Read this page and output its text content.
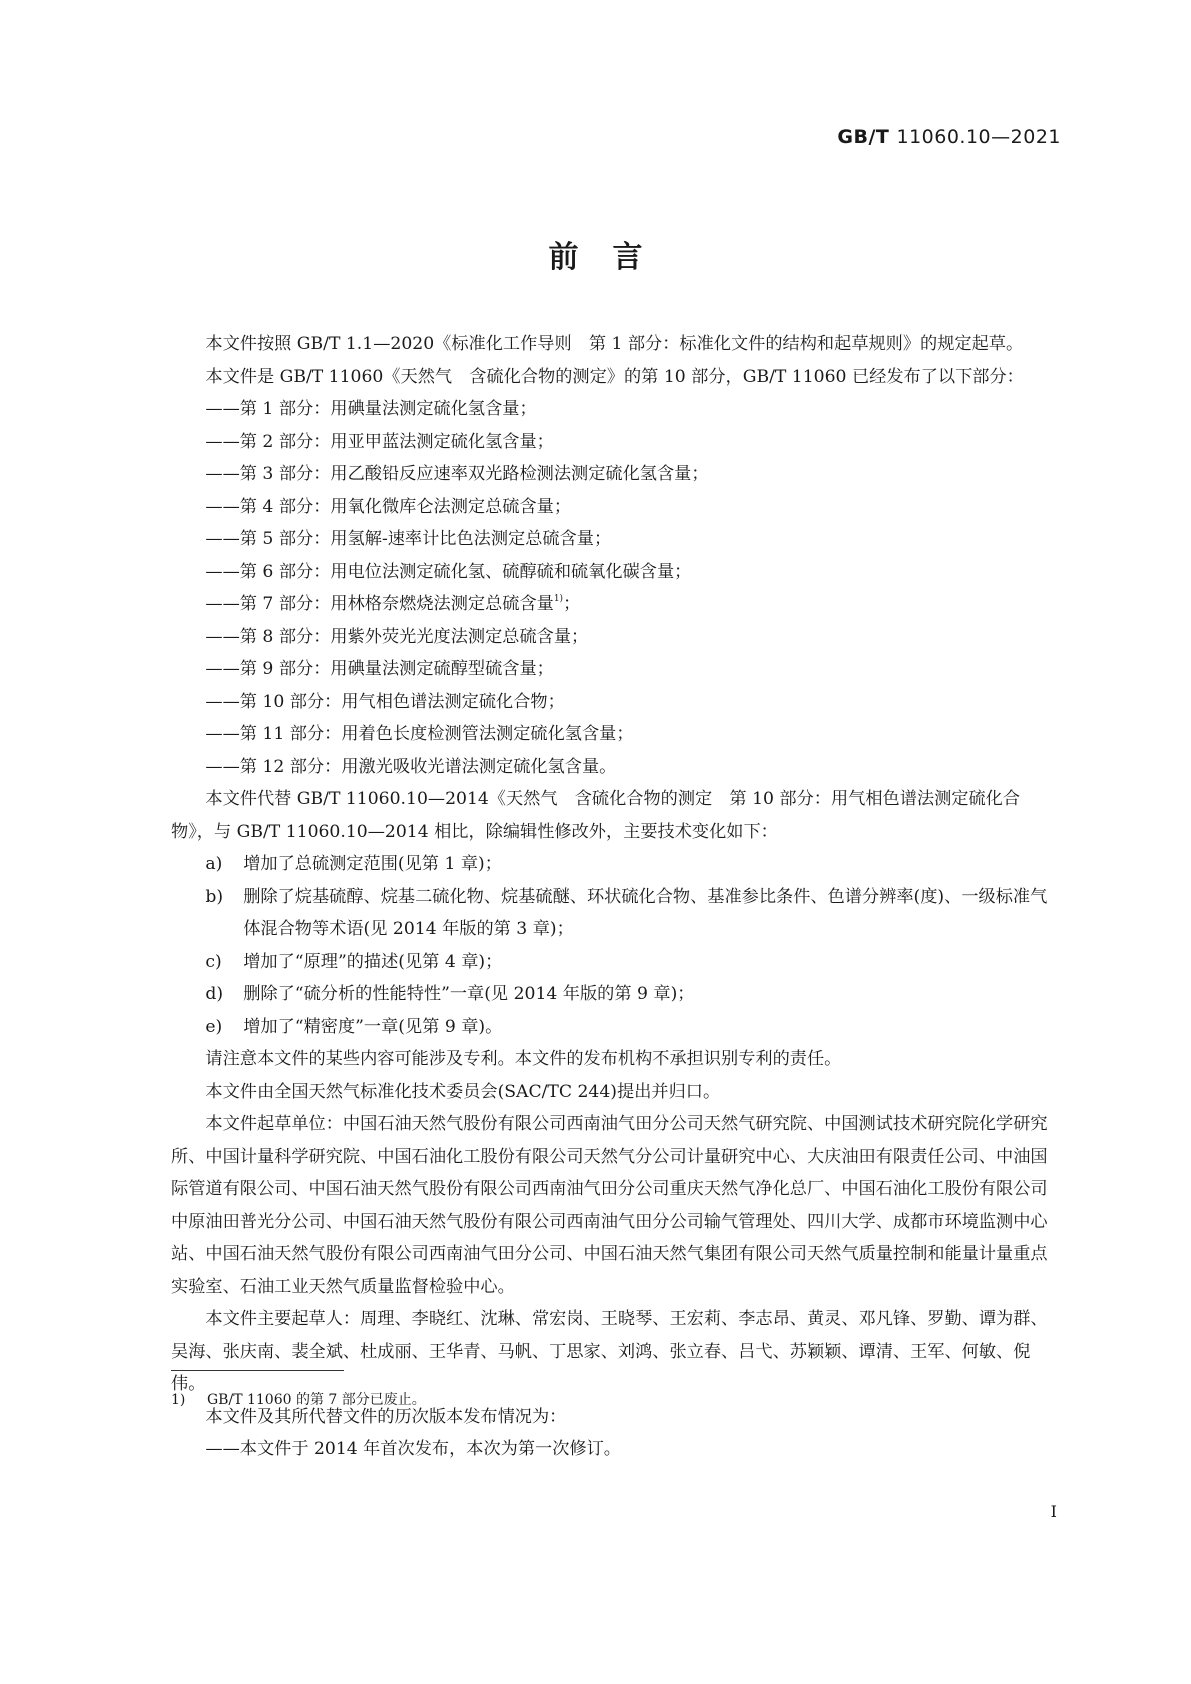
GB/T 11060.10—2021
前言

本文件按照 GB/T 1.1—2020《标准化工作导则　第 1 部分：标准化文件的结构和起草规则》的规定起草。

本文件是 GB/T 11060《天然气　含硫化合物的测定》的第 10 部分，GB/T 11060 已经发布了以下部分：

——第 1 部分：用碘量法测定硫化氢含量；

——第 2 部分：用亚甲蓝法测定硫化氢含量；

——第 3 部分：用乙酸铅反应速率双光路检测法测定硫化氢含量；

——第 4 部分：用氧化微库仑法测定总硫含量；

——第 5 部分：用氢解-速率计比色法测定总硫含量；

——第 6 部分：用电位法测定硫化氢、硫醇硫和硫氧化碳含量；

——第 7 部分：用林格奈燃烧法测定总硫含量$^{1)}$；

——第 8 部分：用紫外荧光光度法测定总硫含量；

——第 9 部分：用碘量法测定硫醇型硫含量；

——第 10 部分：用气相色谱法测定硫化合物；

——第 11 部分：用着色长度检测管法测定硫化氢含量；

——第 12 部分：用激光吸收光谱法测定硫化氢含量。

本文件代替 GB/T 11060.10—2014《天然气　含硫化合物的测定　第 10 部分：用气相色谱法测定硫化合物》，与 GB/T 11060.10—2014 相比，除编辑性修改外，主要技术变化如下：

a)	增加了总硫测定范围(见第 1 章)；
b)	删除了烷基硫醇、烷基二硫化物、烷基硫醚、环状硫化合物、基准参比条件、色谱分辨率(度)、一级标准气体混合物等术语(见 2014 年版的第 3 章)；
c)	增加了“原理”的描述(见第 4 章)；
d)	删除了“硫分析的性能特性”一章(见 2014 年版的第 9 章)；
e)	增加了“精密度”一章(见第 9 章)。

请注意本文件的某些内容可能涉及专利。本文件的发布机构不承担识别专利的责任。

本文件由全国天然气标准化技术委员会(SAC/TC 244)提出并归口。

本文件起草单位：中国石油天然气股份有限公司西南油气田分公司天然气研究院、中国测试技术研究院化学研究所、中国计量科学研究院、中国石油化工股份有限公司天然气分公司计量研究中心、大庆油田有限责任公司、中油国际管道有限公司、中国石油天然气股份有限公司西南油气田分公司重庆天然气净化总厂、中国石油化工股份有限公司中原油田普光分公司、中国石油天然气股份有限公司西南油气田分公司输气管理处、四川大学、成都市环境监测中心站、中国石油天然气股份有限公司西南油气田分公司、中国石油天然气集团有限公司天然气质量控制和能量计量重点实验室、石油工业天然气质量监督检验中心。

本文件主要起草人：周理、李晓红、沈琳、常宏岗、王晓琴、王宏莉、李志昂、黄灵、邓凡锋、罗勤、谭为群、吴海、张庆南、裴全斌、杜成丽、王华青、马帆、丁思家、刘鸿、张立春、吕弋、苏颖颖、谭清、王军、何敏、倪伟。

本文件及其所代替文件的历次版本发布情况为：

——本文件于 2014 年首次发布，本次为第一次修订。

1) GB/T 11060 的第 7 部分已废止。
I
